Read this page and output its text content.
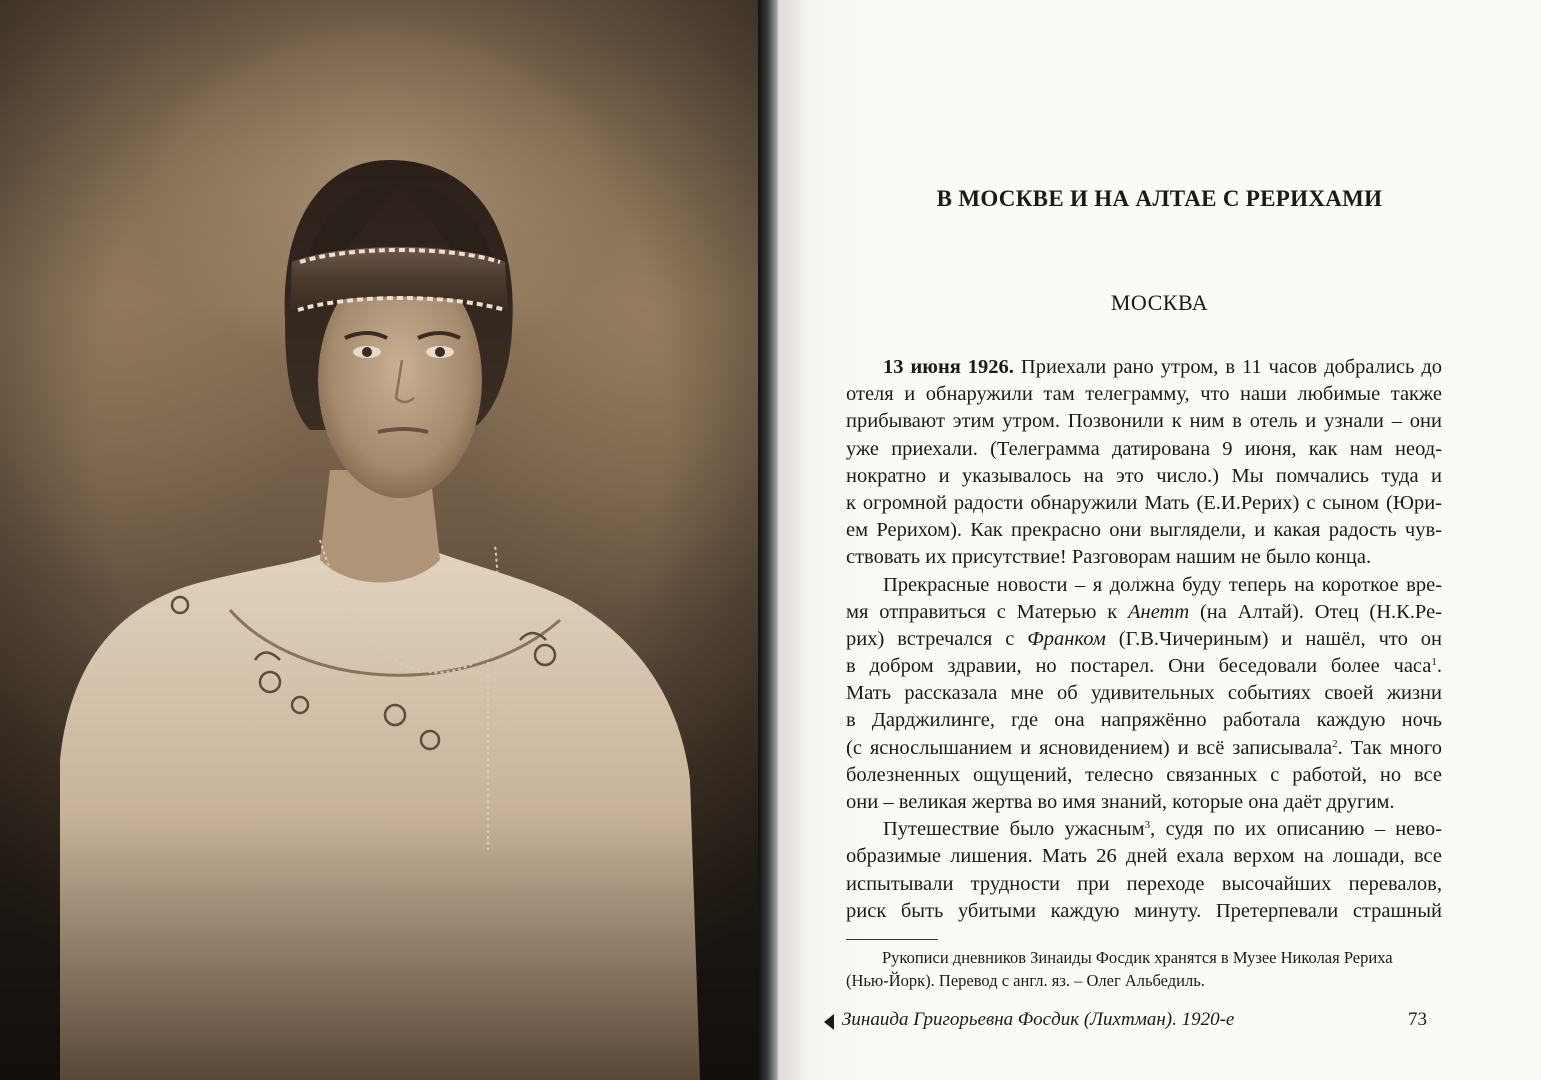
В МОСКВЕ И НА АЛТАЕ С РЕРИХАМИ
МОСКВА
13 июня 1926. Приехали рано утром, в 11 часов добрались до
отеля и обнаружили там телеграмму, что наши любимые также
прибывают этим утром. Позвонили к ним в отель и узнали – они
уже приехали. (Телеграмма датирована 9 июня, как нам неод-
нократно и указывалось на это число.) Мы помчались туда и
к огромной радости обнаружили Мать (Е.И.Рерих) с сыном (Юри-
ем Рерихом). Как прекрасно они выглядели, и какая радость чув-
ствовать их присутствие! Разговорам нашим не было конца.
Прекрасные новости – я должна буду теперь на короткое вре-
мя отправиться с Матерью к Анетт (на Алтай). Отец (Н.К.Ре-
рих) встречался с Франком (Г.В.Чичериным) и нашёл, что он
в добром здравии, но постарел. Они беседовали более часа$^1$.
Мать рассказала мне об удивительных событиях своей жизни
в Дарджилинге, где она напряжённо работала каждую ночь
(с яснослышанием и ясновидением) и всё записывала$^2$. Так много
болезненных ощущений, телесно связанных с работой, но все
они – великая жертва во имя знаний, которые она даёт другим.
Путешествие было ужасным$^3$, судя по их описанию – нево-
образимые лишения. Мать 26 дней ехала верхом на лошади, все
испытывали трудности при переходе высочайших перевалов,
риск быть убитыми каждую минуту. Претерпевали страшный
Рукописи дневников Зинаиды Фосдик хранятся в Музее Николая Рериха
(Нью-Йорк). Перевод с англ. яз. – Олег Альбедиль.
Зинаида Григорьевна Фосдик (Лихтман). 1920-е	73
